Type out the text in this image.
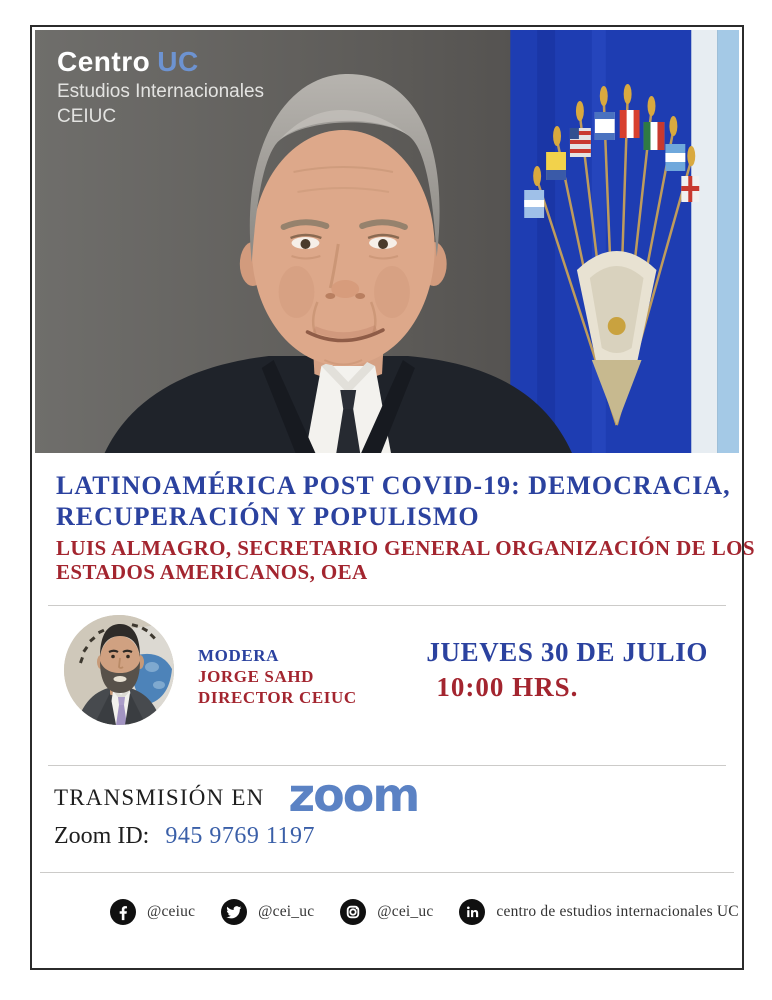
Centro UC
Estudios Internacionales
CEIUC
LATINOAMÉRICA POST COVID-19: DEMOCRACIA,
RECUPERACIÓN Y POPULISMO
LUIS ALMAGRO, SECRETARIO GENERAL ORGANIZACIÓN DE LOS
ESTADOS AMERICANOS, OEA
MODERA
JORGE SAHD
DIRECTOR CEIUC
JUEVES 30 DE JULIO
10:00 HRS.
TRANSMISIÓN EN zoom
Zoom ID: 945 9769 1197
@ceiuc	@cei_uc	@cei_uc	centro de estudios internacionales UC
